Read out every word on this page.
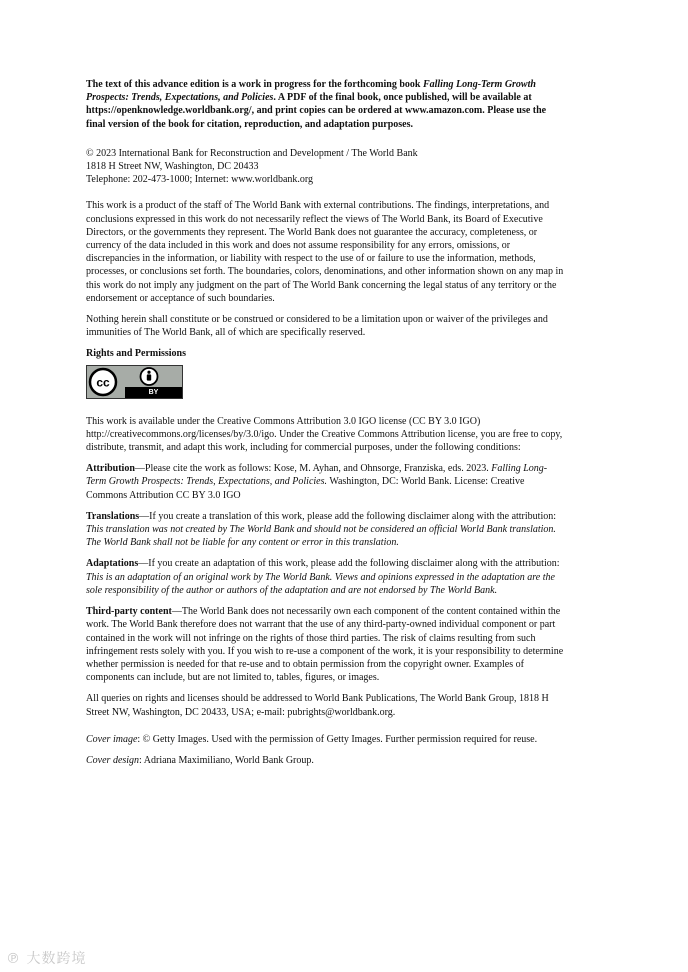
The text of this advance edition is a work in progress for the forthcoming book Falling Long-Term Growth Prospects: Trends, Expectations, and Policies. A PDF of the final book, once published, will be available at https://openknowledge.worldbank.org/, and print copies can be ordered at www.amazon.com. Please use the final version of the book for citation, reproduction, and adaptation purposes.

© 2023 International Bank for Reconstruction and Development / The World Bank

1818 H Street NW, Washington, DC 20433

Telephone: 202-473-1000; Internet: www.worldbank.org

This work is a product of the staff of The World Bank with external contributions. The findings, interpretations, and conclusions expressed in this work do not necessarily reflect the views of The World Bank, its Board of Executive Directors, or the governments they represent. The World Bank does not guarantee the accuracy, completeness, or currency of the data included in this work and does not assume responsibility for any errors, omissions, or discrepancies in the information, or liability with respect to the use of or failure to use the information, methods, processes, or conclusions set forth. The boundaries, colors, denominations, and other information shown on any map in this work do not imply any judgment on the part of The World Bank concerning the legal status of any territory or the endorsement or acceptance of such boundaries.

Nothing herein shall constitute or be construed or considered to be a limitation upon or waiver of the privileges and immunities of The World Bank, all of which are specifically reserved.

Rights and Permissions

cc
BY

This work is available under the Creative Commons Attribution 3.0 IGO license (CC BY 3.0 IGO) http://creativecommons.org/licenses/by/3.0/igo. Under the Creative Commons Attribution license, you are free to copy, distribute, transmit, and adapt this work, including for commercial purposes, under the following conditions:

Attribution—Please cite the work as follows: Kose, M. Ayhan, and Ohnsorge, Franziska, eds. 2023. Falling Long-Term Growth Prospects: Trends, Expectations, and Policies. Washington, DC: World Bank. License: Creative Commons Attribution CC BY 3.0 IGO

Translations—If you create a translation of this work, please add the following disclaimer along with the attribution: This translation was not created by The World Bank and should not be considered an official World Bank translation. The World Bank shall not be liable for any content or error in this translation.

Adaptations—If you create an adaptation of this work, please add the following disclaimer along with the attribution: This is an adaptation of an original work by The World Bank. Views and opinions expressed in the adaptation are the sole responsibility of the author or authors of the adaptation and are not endorsed by The World Bank.

Third-party content—The World Bank does not necessarily own each component of the content contained within the work. The World Bank therefore does not warrant that the use of any third-party-owned individual component or part contained in the work will not infringe on the rights of those third parties. The risk of claims resulting from such infringement rests solely with you. If you wish to re-use a component of the work, it is your responsibility to determine whether permission is needed for that re-use and to obtain permission from the copyright owner. Examples of components can include, but are not limited to, tables, figures, or images.

All queries on rights and licenses should be addressed to World Bank Publications, The World Bank Group, 1818 H Street NW, Washington, DC 20433, USA; e-mail: pubrights@worldbank.org.

Cover image: © Getty Images. Used with the permission of Getty Images. Further permission required for reuse.

Cover design: Adriana Maximiliano, World Bank Group.

℗ 大数跨境
